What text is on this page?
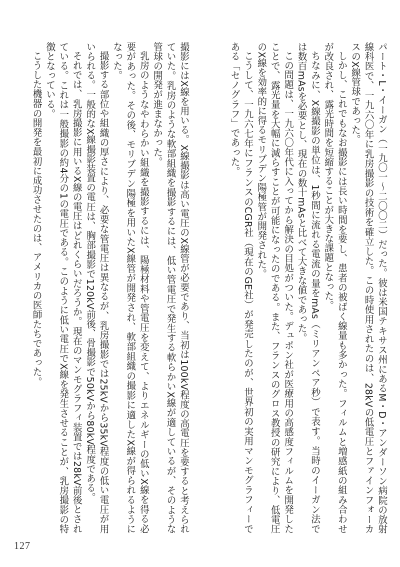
パート・L・イーガン（一九〇一〜二〇〇二）だった。彼は米国テキサス州にあるM・D・アンダーソン病院の放射線科医で、一九六〇年に乳房撮影の技術を確立した。この時使用されたのは、28kVの低電圧とファインフォーカスのX線管球であった。

しかし、これでもなお撮影には長い時間を要し、患者の被ばく線量も多かった。フィルムと増感紙の組み合わせが改良され、露光時間を短縮することが大きな課題となった。

ちなみに、X線撮影の単位は、1秒間に流れる電流の量をmAs（ミリアンペア秒）で表す。当時のイーガン法では数百mAsを必要とし、現在の数十mAsと比べて大きな値であった。

この問題は、一九六〇年代に入ってから解決の目処がついた。デュポン社が医療用の高感度フィルムを開発したことで、露光量を大幅に減らすことが可能になったのである。また、フランスのグロス教授の研究により、低電圧のX線を効率的に得るモリブデン陽極管が開発された。

こうして、一九六七年にフランスのCGR社（現在のGE社）が発売したのが、世界初の実用マンモグラフィーである「セノグラフ」であった。

撮影にはX線を用いる。X線撮影は高い電圧のX線管が必要であり、当初は100kV程度の高電圧を要すると考えられていた。乳房のような軟部組織を撮影するには、低い管電圧で発生する軟らかいX線が適しているが、そのような管球の開発が進まなかった。

乳房のようなやわらかい組織を撮影するには、陽極材料や管電圧を変えて、よりエネルギーの低いX線を得る必要があった。その後、モリブデン陽極を用いたX線管が開発され、軟部組織の撮影に適したX線が得られるようになった。

撮影する部位や組織の厚さにより、必要な管電圧は異なるが、乳房撮影では25kVから35kV程度の低い電圧が用いられる。一般的なX線撮影装置の電圧は、胸部撮影で120kV前後、骨撮影で50kVから80kV程度である。

それでは、乳房撮影に用いるX線の電圧はどれくらいだろうか。現在のマンモグラフィ装置では28kV前後とされている。これは一般撮影の約4分の1の電圧である。このように低い電圧でX線を発生させることが、乳房撮影の特徴となっている。

こうした機器の開発を最初に成功させたのは、アメリカの医師たちであった。

127
